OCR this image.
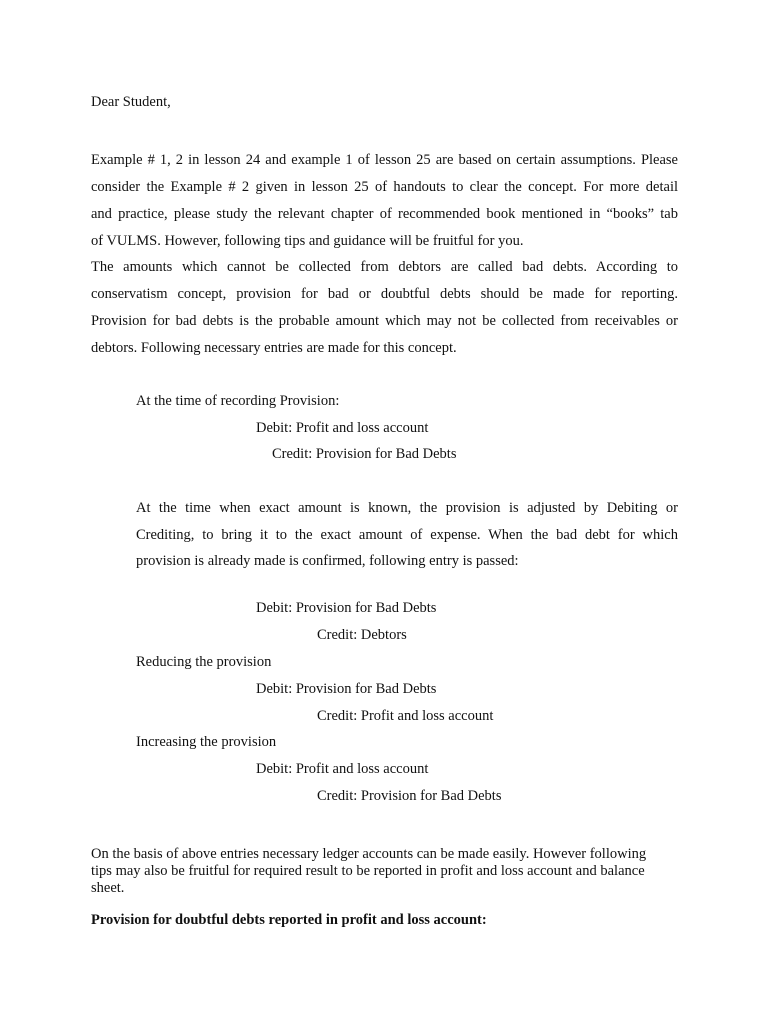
Dear Student,
Example # 1, 2 in lesson 24 and example 1 of lesson 25 are based on certain assumptions. Please
consider the Example # 2 given in lesson 25 of handouts to clear the concept. For more detail
and practice, please study the relevant chapter of recommended book mentioned in “books” tab
of VULMS. However, following tips and guidance will be fruitful for you.
The amounts which cannot be collected from debtors are called bad debts. According to
conservatism concept, provision for bad or doubtful debts should be made for reporting.
Provision for bad debts is the probable amount which may not be collected from receivables or
debtors. Following necessary entries are made for this concept.
At the time of recording Provision:
Debit: Profit and loss account
Credit: Provision for Bad Debts
At the time when exact amount is known, the provision is adjusted by Debiting or
Crediting, to bring it to the exact amount of expense. When the bad debt for which
provision is already made is confirmed, following entry is passed:
Debit: Provision for Bad Debts
Credit: Debtors
Reducing the provision
Debit: Provision for Bad Debts
Credit: Profit and loss account
Increasing the provision
Debit: Profit and loss account
Credit: Provision for Bad Debts
On the basis of above entries necessary ledger accounts can be made easily. However following
tips may also be fruitful for required result to be reported in profit and loss account and balance
sheet.
Provision for doubtful debts reported in profit and loss account:
